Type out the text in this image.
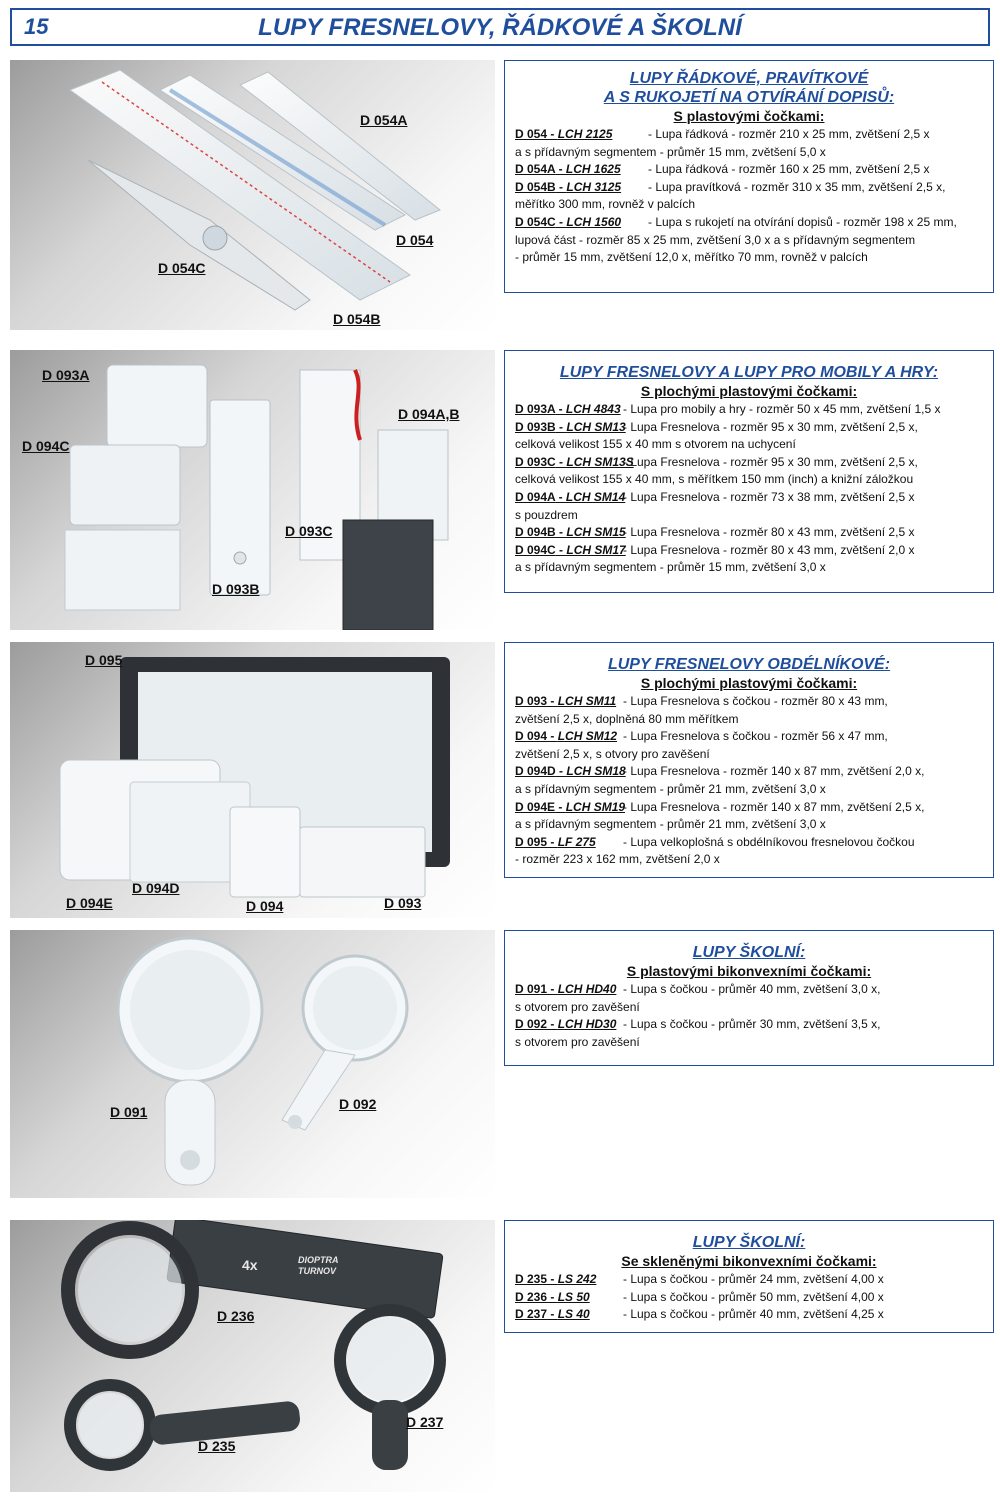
15	LUPY FRESNELOVY, ŘÁDKOVÉ A ŠKOLNÍ
D 054A
D 054
D 054C
D 054B
LUPY ŘÁDKOVÉ, PRAVÍTKOVÉ
A S RUKOJETÍ NA OTVÍRÁNÍ DOPISŮ:
S plastovými čočkami:
D 054 - LCH 2125	- Lupa řádková - rozměr 210 x 25 mm, zvětšení 2,5 x
a s přídavným segmentem - průměr 15 mm, zvětšení 5,0 x
D 054A - LCH 1625 - Lupa řádková - rozměr 160 x 25 mm, zvětšení 2,5 x
D 054B - LCH 3125 - Lupa pravítková - rozměr 310 x 35 mm, zvětšení 2,5 x,
měřítko 300 mm, rovněž v palcích
D 054C - LCH 1560 - Lupa s rukojetí na otvírání dopisů - rozměr 198 x 25 mm,
lupová část - rozměr 85 x 25 mm, zvětšení 3,0 x a s přídavným segmentem
- průměr 15 mm, zvětšení 12,0 x, měřítko 70 mm, rovněž v palcích
D 093A
D 094C
D 094A,B
D 093C
D 093B
LUPY FRESNELOVY A LUPY PRO MOBILY A HRY:
S plochými plastovými čočkami:
D 093A - LCH 4843 - Lupa pro mobily a hry - rozměr 50 x 45 mm, zvětšení 1,5 x
D 093B - LCH SM13- Lupa Fresnelova - rozměr 95 x 30 mm, zvětšení 2,5 x,
celková velikost 155 x 40 mm s otvorem na uchycení
D 093C - LCH SM13S- Lupa Fresnelova - rozměr 95 x 30 mm, zvětšení 2,5 x,
celková velikost 155 x 40 mm, s měřítkem 150 mm (inch) a knižní záložkou
D 094A - LCH SM14- Lupa Fresnelova - rozměr 73 x 38 mm, zvětšení 2,5 x
s pouzdrem
D 094B - LCH SM15- Lupa Fresnelova - rozměr 80 x 43 mm, zvětšení 2,5 x
D 094C - LCH SM17- Lupa Fresnelova - rozměr 80 x 43 mm, zvětšení 2,0 x
a s přídavným segmentem - průměr 15 mm, zvětšení 3,0 x
D 095
D 094D
D 094E	D 094	D 093
LUPY FRESNELOVY OBDÉLNÍKOVÉ:
S plochými plastovými čočkami:
D 093 - LCH SM11 - Lupa Fresnelova s čočkou - rozměr 80 x 43 mm,
zvětšení 2,5 x, doplněná 80 mm měřítkem
D 094 - LCH SM12 - Lupa Fresnelova s čočkou - rozměr 56 x 47 mm,
zvětšení 2,5 x, s otvory pro zavěšení
D 094D - LCH SM18- Lupa Fresnelova - rozměr 140 x 87 mm, zvětšení 2,0 x,
a s přídavným segmentem - průměr 21 mm, zvětšení 3,0 x
D 094E - LCH SM19- Lupa Fresnelova - rozměr 140 x 87 mm, zvětšení 2,5 x,
a s přídavným segmentem - průměr 21 mm, zvětšení 3,0 x
D 095 - LF 275 - Lupa velkoplošná s obdélníkovou fresnelovou čočkou
- rozměr 223 x 162 mm, zvětšení 2,0 x
D 091	D 092
LUPY ŠKOLNÍ:
S plastovými bikonvexními čočkami:
D 091 - LCH HD40 - Lupa s čočkou - průměr 40 mm, zvětšení 3,0 x,
s otvorem pro zavěšení
D 092 - LCH HD30 - Lupa s čočkou - průměr 30 mm, zvětšení 3,5 x,
s otvorem pro zavěšení
4x	DIOPTRA
TURNOV
D 236
D 237
D 235
LUPY ŠKOLNÍ:
Se skleněnými bikonvexními čočkami:
D 235 - LS 242 - Lupa s čočkou - průměr 24 mm, zvětšení 4,00 x
D 236 - LS 50	- Lupa s čočkou - průměr 50 mm, zvětšení 4,00 x
D 237 - LS 40	- Lupa s čočkou - průměr 40 mm, zvětšení 4,25 x
